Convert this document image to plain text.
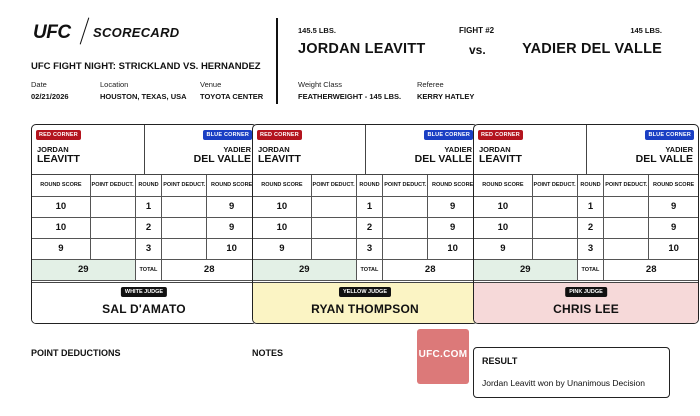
UFC SCORECARD
UFC FIGHT NIGHT: STRICKLAND VS. HERNANDEZ
Date
02/21/2026
Location
HOUSTON, TEXAS, USA
Venue
TOYOTA CENTER
145.5 LBS.	FIGHT #2	145 LBS.
JORDAN LEAVITT	vs.	YADIER DEL VALLE
Weight Class
FEATHERWEIGHT - 145 LBS.
Referee
KERRY HATLEY
RED CORNER
JORDAN
LEAVITT
BLUE CORNER
YADIER
DEL VALLE
ROUND SCORE	POINT DEDUCT.	ROUND	POINT DEDUCT.	ROUND SCORE
10		1		9
10		2		9
9		3		10
29		TOTAL	28	
WHITE JUDGE
SAL D'AMATO
RED CORNER
JORDAN
LEAVITT
BLUE CORNER
YADIER
DEL VALLE
ROUND SCORE	POINT DEDUCT.	ROUND	POINT DEDUCT.	ROUND SCORE
10		1		9
10		2		9
9		3		10
29		TOTAL	28	
YELLOW JUDGE
RYAN THOMPSON
RED CORNER
JORDAN
LEAVITT
BLUE CORNER
YADIER
DEL VALLE
ROUND SCORE	POINT DEDUCT.	ROUND	POINT DEDUCT.	ROUND SCORE
10		1		9
10		2		9
9		3		10
29		TOTAL	28	
PINK JUDGE
CHRIS LEE
POINT DEDUCTIONS	NOTES	UFC.COM
RESULT
Jordan Leavitt won by Unanimous Decision
